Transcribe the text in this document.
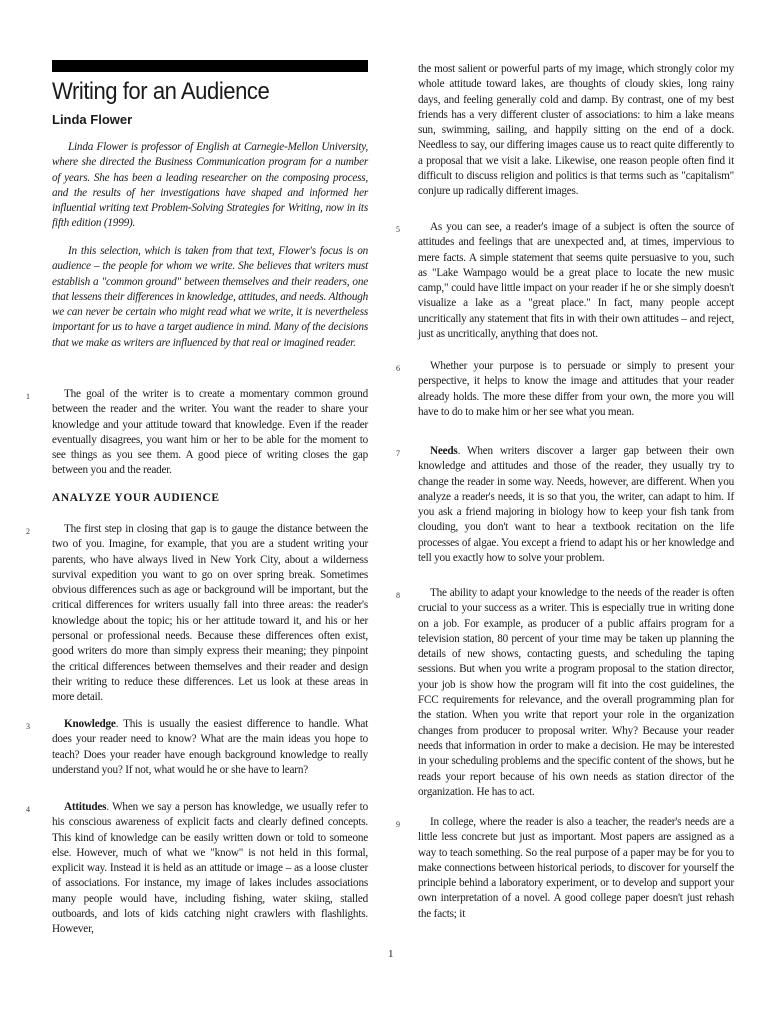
Writing for an Audience
Linda Flower
Linda Flower is professor of English at Carnegie-Mellon University, where she directed the Business Communication program for a number of years. She has been a leading researcher on the composing process, and the results of her investigations have shaped and informed her influential writing text Problem-Solving Strategies for Writing, now in its fifth edition (1999).
In this selection, which is taken from that text, Flower's focus is on audience – the people for whom we write. She believes that writers must establish a "common ground" between themselves and their readers, one that lessens their differences in knowledge, attitudes, and needs. Although we can never be certain who might read what we write, it is nevertheless important for us to have a target audience in mind. Many of the decisions that we make as writers are influenced by that real or imagined reader.
1	The goal of the writer is to create a momentary common ground between the reader and the writer. You want the reader to share your knowledge and your attitude toward that knowledge. Even if the reader eventually disagrees, you want him or her to be able for the moment to see things as you see them. A good piece of writing closes the gap between you and the reader.
ANALYZE YOUR AUDIENCE
2	The first step in closing that gap is to gauge the distance between the two of you. Imagine, for example, that you are a student writing your parents, who have always lived in New York City, about a wilderness survival expedition you want to go on over spring break. Sometimes obvious differences such as age or background will be important, but the critical differences for writers usually fall into three areas: the reader's knowledge about the topic; his or her attitude toward it, and his or her personal or professional needs. Because these differences often exist, good writers do more than simply express their meaning; they pinpoint the critical differences between themselves and their reader and design their writing to reduce these differences. Let us look at these areas in more detail.
3	Knowledge. This is usually the easiest difference to handle. What does your reader need to know? What are the main ideas you hope to teach? Does your reader have enough background knowledge to really understand you? If not, what would he or she have to learn?
4	Attitudes. When we say a person has knowledge, we usually refer to his conscious awareness of explicit facts and clearly defined concepts. This kind of knowledge can be easily written down or told to someone else. However, much of what we "know" is not held in this formal, explicit way. Instead it is held as an attitude or image – as a loose cluster of associations. For instance, my image of lakes includes associations many people would have, including fishing, water skiing, stalled outboards, and lots of kids catching night crawlers with flashlights. However,
the most salient or powerful parts of my image, which strongly color my whole attitude toward lakes, are thoughts of cloudy skies, long rainy days, and feeling generally cold and damp. By contrast, one of my best friends has a very different cluster of associations: to him a lake means sun, swimming, sailing, and happily sitting on the end of a dock. Needless to say, our differing images cause us to react quite differently to a proposal that we visit a lake. Likewise, one reason people often find it difficult to discuss religion and politics is that terms such as "capitalism" conjure up radically different images.
5	As you can see, a reader's image of a subject is often the source of attitudes and feelings that are unexpected and, at times, impervious to mere facts. A simple statement that seems quite persuasive to you, such as "Lake Wampago would be a great place to locate the new music camp," could have little impact on your reader if he or she simply doesn't visualize a lake as a "great place." In fact, many people accept uncritically any statement that fits in with their own attitudes – and reject, just as uncritically, anything that does not.
6	Whether your purpose is to persuade or simply to present your perspective, it helps to know the image and attitudes that your reader already holds. The more these differ from your own, the more you will have to do to make him or her see what you mean.
7	Needs. When writers discover a larger gap between their own knowledge and attitudes and those of the reader, they usually try to change the reader in some way. Needs, however, are different. When you analyze a reader's needs, it is so that you, the writer, can adapt to him. If you ask a friend majoring in biology how to keep your fish tank from clouding, you don't want to hear a textbook recitation on the life processes of algae. You except a friend to adapt his or her knowledge and tell you exactly how to solve your problem.
8	The ability to adapt your knowledge to the needs of the reader is often crucial to your success as a writer. This is especially true in writing done on a job. For example, as producer of a public affairs program for a television station, 80 percent of your time may be taken up planning the details of new shows, contacting guests, and scheduling the taping sessions. But when you write a program proposal to the station director, your job is show how the program will fit into the cost guidelines, the FCC requirements for relevance, and the overall programming plan for the station. When you write that report your role in the organization changes from producer to proposal writer. Why? Because your reader needs that information in order to make a decision. He may be interested in your scheduling problems and the specific content of the shows, but he reads your report because of his own needs as station director of the organization. He has to act.
9	In college, where the reader is also a teacher, the reader's needs are a little less concrete but just as important. Most papers are assigned as a way to teach something. So the real purpose of a paper may be for you to make connections between historical periods, to discover for yourself the principle behind a laboratory experiment, or to develop and support your own interpretation of a novel. A good college paper doesn't just rehash the facts; it
1
